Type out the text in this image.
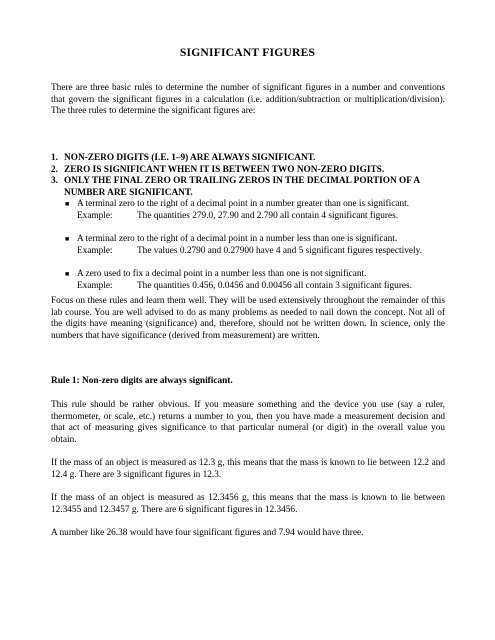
SIGNIFICANT FIGURES
There are three basic rules to determine the number of significant figures in a number and conventions that govern the significant figures in a calculation (i.e. addition/subtraction or multiplication/division). The three rules to determine the significant figures are:
1. NON-ZERO DIGITS (I.E. 1–9) ARE ALWAYS SIGNIFICANT.
2. ZERO IS SIGNIFICANT WHEN IT IS BETWEEN TWO NON-ZERO DIGITS.
3. ONLY THE FINAL ZERO OR TRAILING ZEROS IN THE DECIMAL PORTION OF A NUMBER ARE SIGNIFICANT.
■ A terminal zero to the right of a decimal point in a number greater than one is significant.
Example:	The quantities 279.0, 27.90 and 2.790 all contain 4 significant figures.
■ A terminal zero to the right of a decimal point in a number less than one is significant.
Example:	The values 0.2790 and 0.27900 have 4 and 5 significant figures respectively.
■ A zero used to fix a decimal point in a number less than one is not significant.
Example:	The quantities 0.456, 0.0456 and 0.00456 all contain 3 significant figures.
Focus on these rules and learn them well. They will be used extensively throughout the remainder of this lab course. You are well advised to do as many problems as needed to nail down the concept. Not all of the digits have meaning (significance) and, therefore, should not be written down. In science, only the numbers that have significance (derived from measurement) are written.
Rule 1: Non-zero digits are always significant.
This rule should be rather obvious. If you measure something and the device you use (say a ruler, thermometer, or scale, etc.) returns a number to you, then you have made a measurement decision and that act of measuring gives significance to that particular numeral (or digit) in the overall value you obtain.
If the mass of an object is measured as 12.3 g, this means that the mass is known to lie between 12.2 and 12.4 g. There are 3 significant figures in 12.3.
If the mass of an object is measured as 12.3456 g, this means that the mass is known to lie between 12.3455 and 12.3457 g. There are 6 significant figures in 12.3456.
A number like 26.38 would have four significant figures and 7.94 would have three.
